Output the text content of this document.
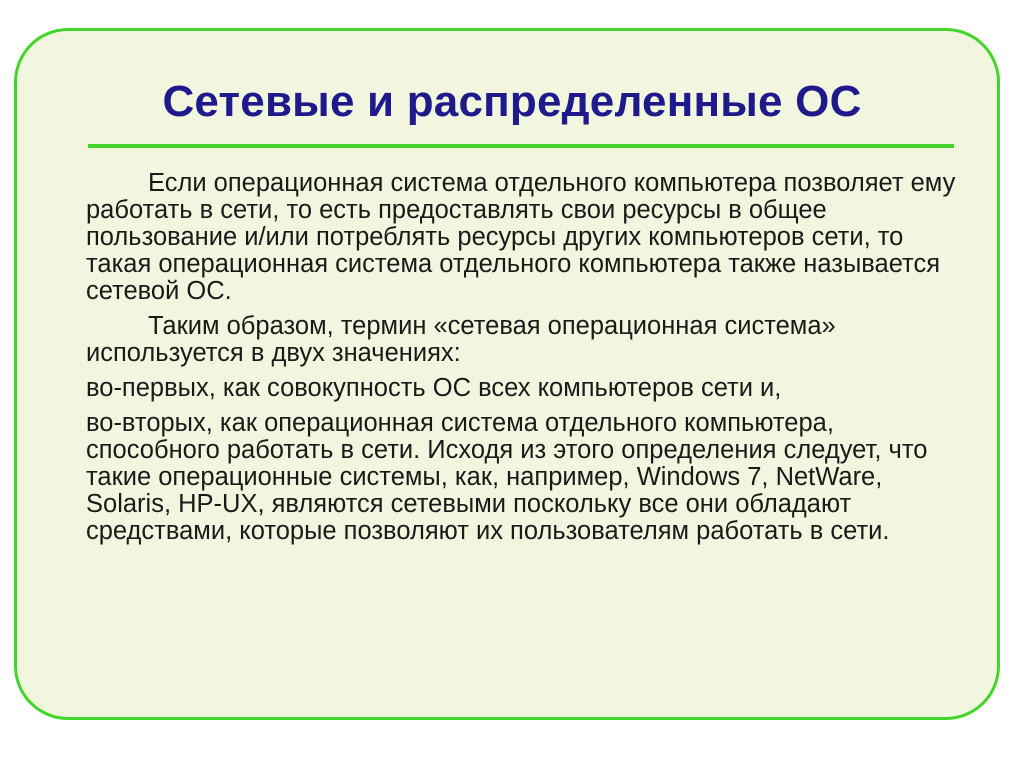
Сетевые и распределенные ОС

Если операционная система отдельного компьютера позволяет ему работать в сети, то есть предоставлять свои ресурсы в общее пользование и/или потреблять ресурсы других компьютеров сети, то такая операционная система отдельного компьютера также называется сетевой ОС.

Таким образом, термин «сетевая операционная система» используется в двух значениях:

во-первых, как совокупность ОС всех компьютеров сети и,

во-вторых, как операционная система отдельного компьютера, способного работать в сети. Исходя из этого определения следует, что такие операционные системы, как, например, Windows 7, NetWare, Solaris, HP-UX, являются сетевыми поскольку все они обладают средствами, которые позволяют их пользователям работать в сети.
